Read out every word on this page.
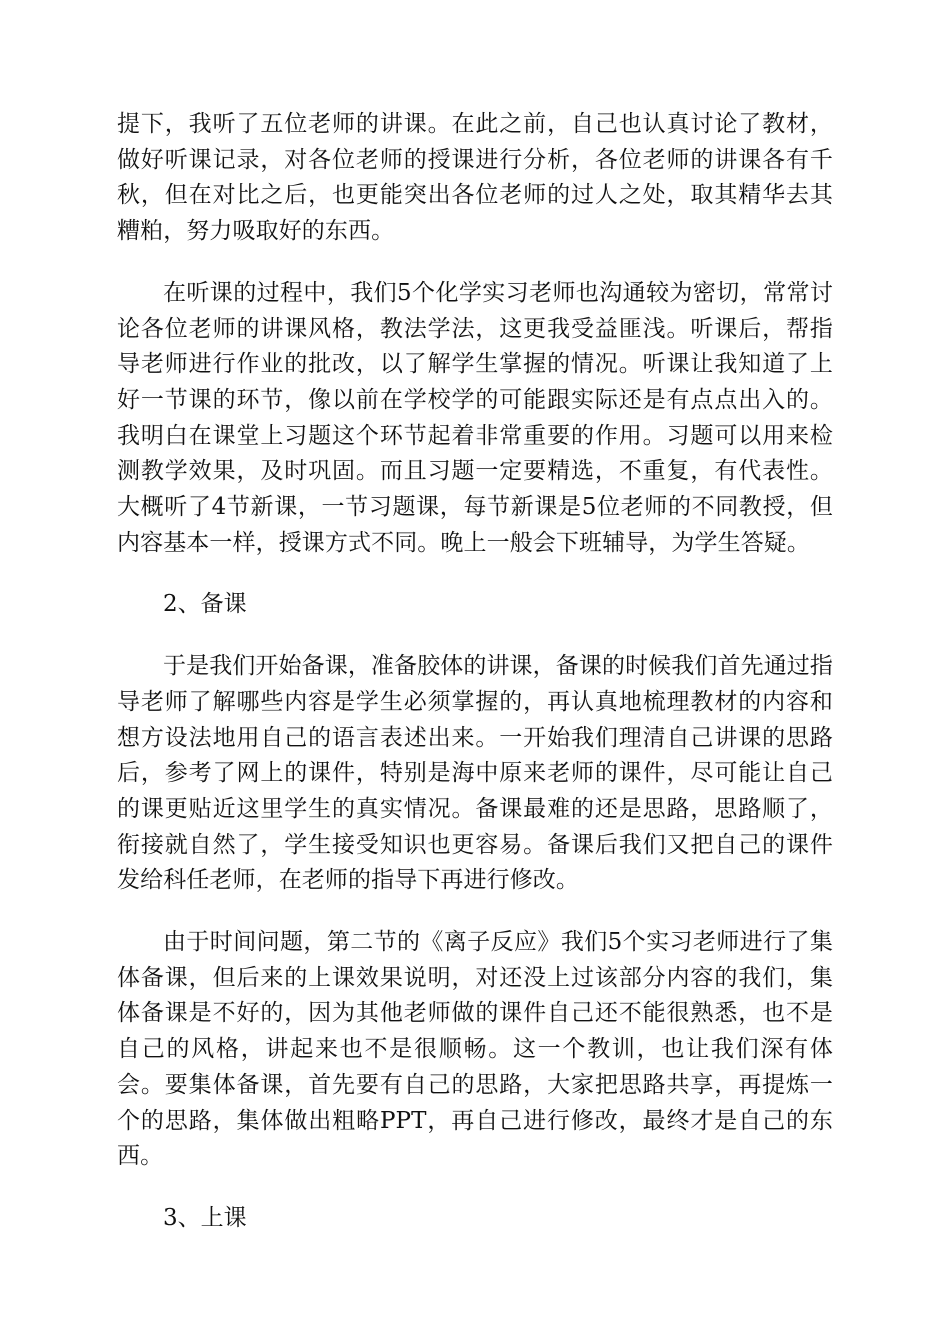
提下，我听了五位老师的讲课。在此之前，自己也认真讨论了教材，做好听课记录，对各位老师的授课进行分析，各位老师的讲课各有千秋，但在对比之后，也更能突出各位老师的过人之处，取其精华去其糟粕，努力吸取好的东西。

在听课的过程中，我们5个化学实习老师也沟通较为密切，常常讨论各位老师的讲课风格，教法学法，这更我受益匪浅。听课后，帮指导老师进行作业的批改，以了解学生掌握的情况。听课让我知道了上好一节课的环节，像以前在学校学的可能跟实际还是有点点出入的。我明白在课堂上习题这个环节起着非常重要的作用。习题可以用来检测教学效果，及时巩固。而且习题一定要精选，不重复，有代表性。大概听了4节新课，一节习题课，每节新课是5位老师的不同教授，但内容基本一样，授课方式不同。晚上一般会下班辅导，为学生答疑。

2、备课

于是我们开始备课，准备胶体的讲课，备课的时候我们首先通过指导老师了解哪些内容是学生必须掌握的，再认真地梳理教材的内容和想方设法地用自己的语言表述出来。一开始我们理清自己讲课的思路后，参考了网上的课件，特别是海中原来老师的课件，尽可能让自己的课更贴近这里学生的真实情况。备课最难的还是思路，思路顺了，衔接就自然了，学生接受知识也更容易。备课后我们又把自己的课件发给科任老师，在老师的指导下再进行修改。

由于时间问题，第二节的《离子反应》我们5个实习老师进行了集体备课，但后来的上课效果说明，对还没上过该部分内容的我们，集体备课是不好的，因为其他老师做的课件自己还不能很熟悉，也不是自己的风格，讲起来也不是很顺畅。这一个教训，也让我们深有体会。要集体备课，首先要有自己的思路，大家把思路共享，再提炼一个的思路，集体做出粗略PPT，再自己进行修改，最终才是自己的东西。

3、上课
